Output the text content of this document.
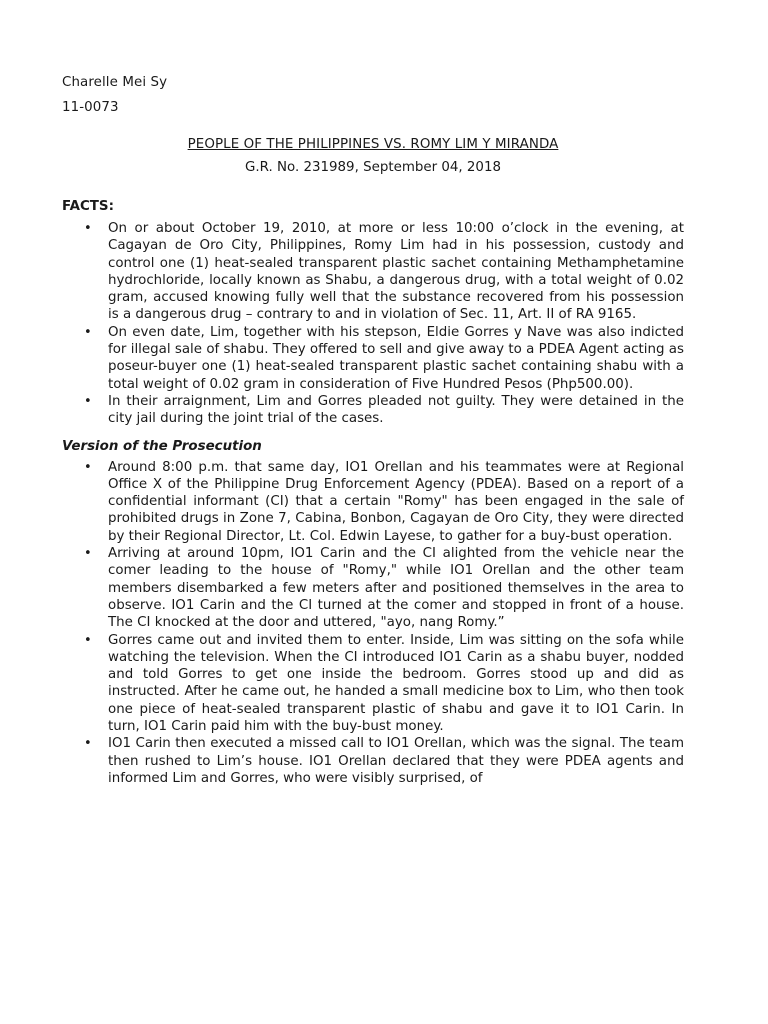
Charelle Mei Sy
11-0073
PEOPLE OF THE PHILIPPINES VS. ROMY LIM Y MIRANDA
G.R. No. 231989, September 04, 2018
FACTS:
• On or about October 19, 2010, at more or less 10:00 o’clock in the evening, at Cagayan de Oro City, Philippines, Romy Lim had in his possession, custody and control one (1) heat-sealed transparent plastic sachet containing Methamphetamine hydrochloride, locally known as Shabu, a dangerous drug, with a total weight of 0.02 gram, accused knowing fully well that the substance recovered from his possession is a dangerous drug – contrary to and in violation of Sec. 11, Art. II of RA 9165.
• On even date, Lim, together with his stepson, Eldie Gorres y Nave was also indicted for illegal sale of shabu. They offered to sell and give away to a PDEA Agent acting as poseur-buyer one (1) heat-sealed transparent plastic sachet containing shabu with a total weight of 0.02 gram in consideration of Five Hundred Pesos (Php500.00).
• In their arraignment, Lim and Gorres pleaded not guilty. They were detained in the city jail during the joint trial of the cases.
Version of the Prosecution
• Around 8:00 p.m. that same day, IO1 Orellan and his teammates were at Regional Office X of the Philippine Drug Enforcement Agency (PDEA). Based on a report of a confidential informant (CI) that a certain "Romy" has been engaged in the sale of prohibited drugs in Zone 7, Cabina, Bonbon, Cagayan de Oro City, they were directed by their Regional Director, Lt. Col. Edwin Layese, to gather for a buy-bust operation.
• Arriving at around 10pm, IO1 Carin and the CI alighted from the vehicle near the comer leading to the house of "Romy," while IO1 Orellan and the other team members disembarked a few meters after and positioned themselves in the area to observe. IO1 Carin and the CI turned at the comer and stopped in front of a house. The CI knocked at the door and uttered, "ayo, nang Romy.”
• Gorres came out and invited them to enter. Inside, Lim was sitting on the sofa while watching the television. When the CI introduced IO1 Carin as a shabu buyer, nodded and told Gorres to get one inside the bedroom. Gorres stood up and did as instructed. After he came out, he handed a small medicine box to Lim, who then took one piece of heat-sealed transparent plastic of shabu and gave it to IO1 Carin. In turn, IO1 Carin paid him with the buy-bust money.
• IO1 Carin then executed a missed call to IO1 Orellan, which was the signal. The team then rushed to Lim’s house. IO1 Orellan declared that they were PDEA agents and informed Lim and Gorres, who were visibly surprised, of
